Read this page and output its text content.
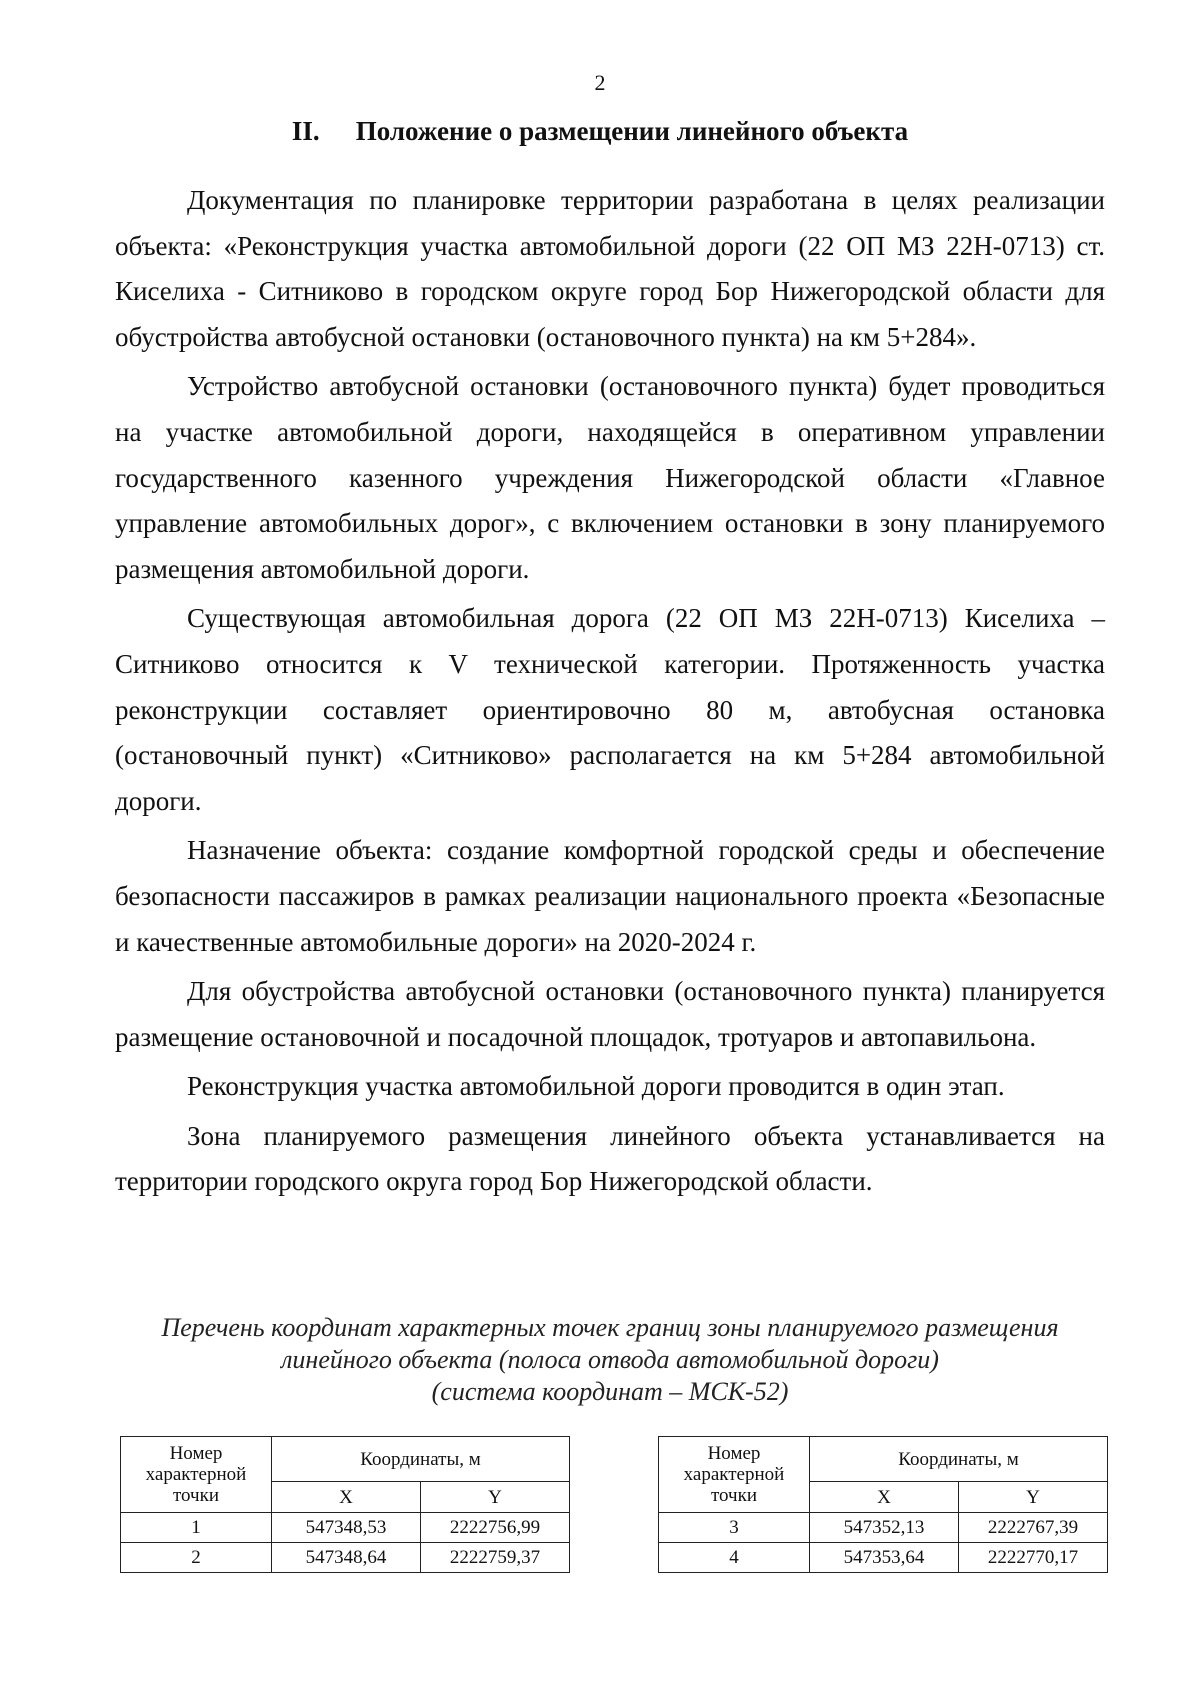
2
II. Положение о размещении линейного объекта

Документация по планировке территории разработана в целях реализации объекта: «Реконструкция участка автомобильной дороги (22 ОП МЗ 22Н-0713) ст. Киселиха - Ситниково в городском округе город Бор Нижегородской области для обустройства автобусной остановки (остановочного пункта) на км 5+284».

Устройство автобусной остановки (остановочного пункта) будет проводиться на участке автомобильной дороги, находящейся в оперативном управлении государственного казенного учреждения Нижегородской области «Главное управление автомобильных дорог», с включением остановки в зону планируемого размещения автомобильной дороги.

Существующая автомобильная дорога (22 ОП МЗ 22Н-0713) Киселиха – Ситниково относится к V технической категории. Протяженность участка реконструкции составляет ориентировочно 80 м, автобусная остановка (остановочный пункт) «Ситниково» располагается на км 5+284 автомобильной дороги.

Назначение объекта: создание комфортной городской среды и обеспечение безопасности пассажиров в рамках реализации национального проекта «Безопасные и качественные автомобильные дороги» на 2020-2024 г.

Для обустройства автобусной остановки (остановочного пункта) планируется размещение остановочной и посадочной площадок, тротуаров и автопавильона.

Реконструкция участка автомобильной дороги проводится в один этап.

Зона планируемого размещения линейного объекта устанавливается на территории городского округа город Бор Нижегородской области.

Перечень координат характерных точек границ зоны планируемого размещения
линейного объекта (полоса отвода автомобильной дороги)
(система координат – МСК-52)
Номер
характерной
точки	Координаты, м	
	X	Y
1	547348,53	2222756,99
2	547348,64	2222759,37
Номер
характерной
точки	Координаты, м	
	X	Y
3	547352,13	2222767,39
4	547353,64	2222770,17
